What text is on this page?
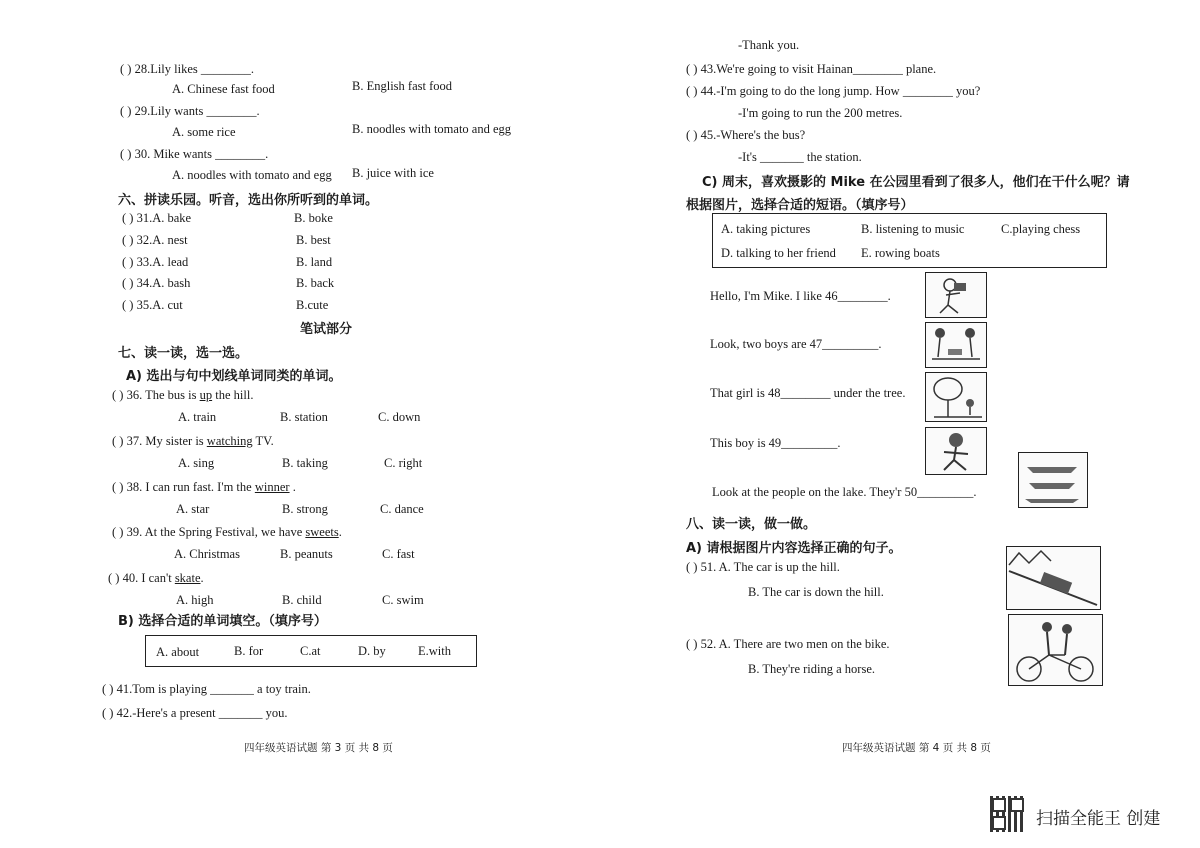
( ) 28.Lily likes ________.
A. Chinese fast food	B. English fast food
( ) 29.Lily wants ________.
A. some rice	B. noodles with tomato and egg
( ) 30. Mike wants ________.
A. noodles with tomato and egg B. juice with ice
( ) 31.A. bake	B. boke
( ) 32.A. nest	B. best
( ) 33.A. lead	B. land
( ) 34.A. bash	B. back
( ) 35.A. cut	B.cute
A. train	B. station	C. down
A. sing	B. taking	C. right
A. star	B. strong	C. dance
A. Christmas	B. peanuts	C. fast
A. high	B. child	C. swim
( ) 41.Tom is playing _______ a toy train.
( ) 42.-Here's a present _______ you.
-Thank you.
( ) 43.We're going to visit Hainan________ plane.
( ) 44.-I'm going to do the long jump. How ________ you?
-I'm going to run the 200 metres.
( ) 45.-Where's the bus?
-It's _______ the station.
Hello, I'm Mike. I like 46________.
Look, two boys are 47_________.
That girl is 48________ under the tree.
This boy is 49_________.
Look at the people on the lake. They'r 50_________.
( ) 51. A. The car is up the hill.
B. The car is down the hill.
( ) 52. A. There are two men on the bike.
B. They're riding a horse.
六、拼读乐园。听音，选出你所听到的单词。
笔试部分
七、读一读，选一选。
A) 选出与句中划线单词同类的单词。
B) 选择合适的单词填空。（填序号）
C) 周末，喜欢摄影的 Mike 在公园里看到了很多人，他们在干什么呢？请
根据图片，选择合适的短语。（填序号）
八、读一读，做一做。
A) 请根据图片内容选择正确的句子。
( ) 36. The bus is up the hill.
( ) 37. My sister is watching TV.
( ) 38. I can run fast. I'm the winner .
( ) 39. At the Spring Festival, we have sweets.
( ) 40. I can't skate.
A. about	B. for	C.at	D. by	E.with
A. taking pictures	B. listening to music	C.playing chess
D. talking to her friend E. rowing boats
四年级英语试题 第 3 页 共 8 页	四年级英语试题 第 4 页 共 8 页
扫描全能王 创建
